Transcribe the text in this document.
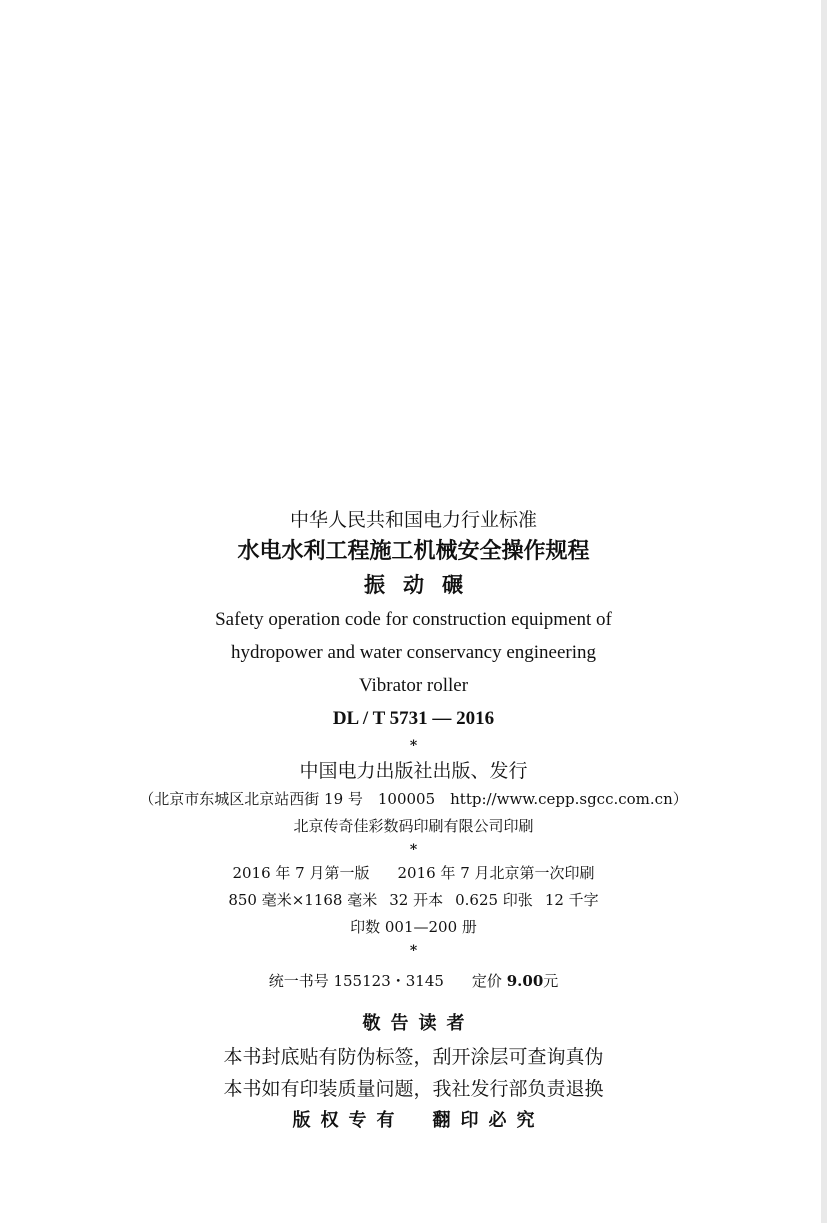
中华人民共和国电力行业标准
水电水利工程施工机械安全操作规程
振动碾
Safety operation code for construction equipment of
hydropower and water conservancy engineering
Vibrator roller
DL / T 5731 — 2016
*
中国电力出版社出版、发行
（北京市东城区北京站西街 19 号　100005　http://www.cepp.sgcc.com.cn）
北京传奇佳彩数码印刷有限公司印刷
*
2016 年 7 月第一版 2016 年 7 月北京第一次印刷
850 毫米×1168 毫米 32 开本 0.625 印张 12 千字
印数 001—200 册
*
统一书号 155123・3145 定价 9.00元
敬告读者
本书封底贴有防伪标签，刮开涂层可查询真伪
本书如有印装质量问题，我社发行部负责退换
版权专有　翻印必究
